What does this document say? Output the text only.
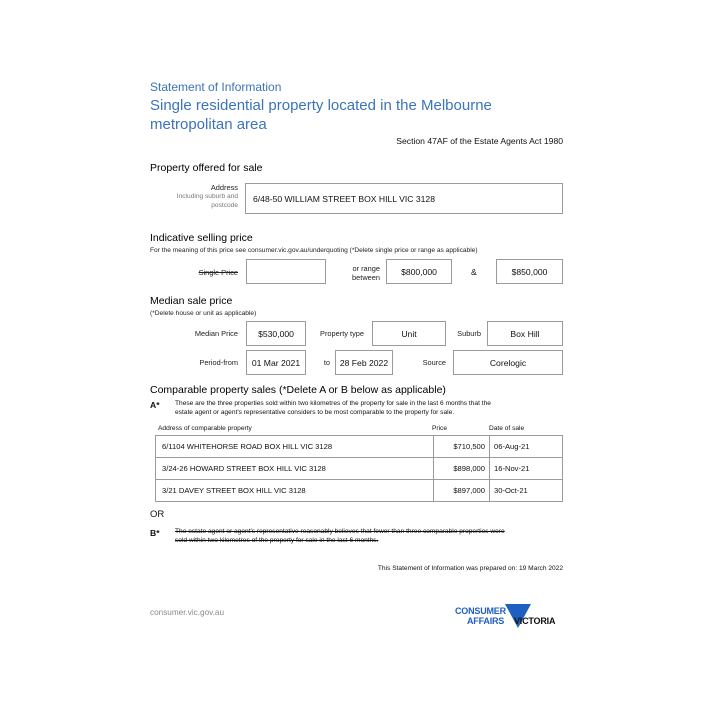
Statement of Information
Single residential property located in the Melbourne
metropolitan area
Section 47AF of the Estate Agents Act 1980
Property offered for sale
Address
Including suburb and
postcode
6/48-50 WILLIAM STREET BOX HILL VIC 3128
Indicative selling price
For the meaning of this price see consumer.vic.gov.au/underquoting (*Delete single price or range as applicable)
Single Price	or range
between
$800,000	&	$850,000
Median sale price
(*Delete house or unit as applicable)
Median Price $530,000	Property type	Unit	Suburb	Box Hill
Period-from 01 Mar 2021	to 28 Feb 2022	Source	Corelogic
Comparable property sales (*Delete A or B below as applicable)
A* These are the three properties sold within two kilometres of the property for sale in the last 6 months that the
estate agent or agent's representative considers to be most comparable to the property for sale.
Address of comparable property	Price	Date of sale
6/1104 WHITEHORSE ROAD BOX HILL VIC 3128	$710,500	06-Aug-21
3/24-26 HOWARD STREET BOX HILL VIC 3128	$898,000	16-Nov-21
3/21 DAVEY STREET BOX HILL VIC 3128	$897,000	30-Oct-21
OR
B* The estate agent or agent's representative reasonably believes that fewer than three comparable properties were
sold within two kilometres of the property for sale in the last 6 months.
This Statement of Information was prepared on: 19 March 2022
consumer.vic.gov.au	CONSUMER
AFFAIRS VICTORIA
